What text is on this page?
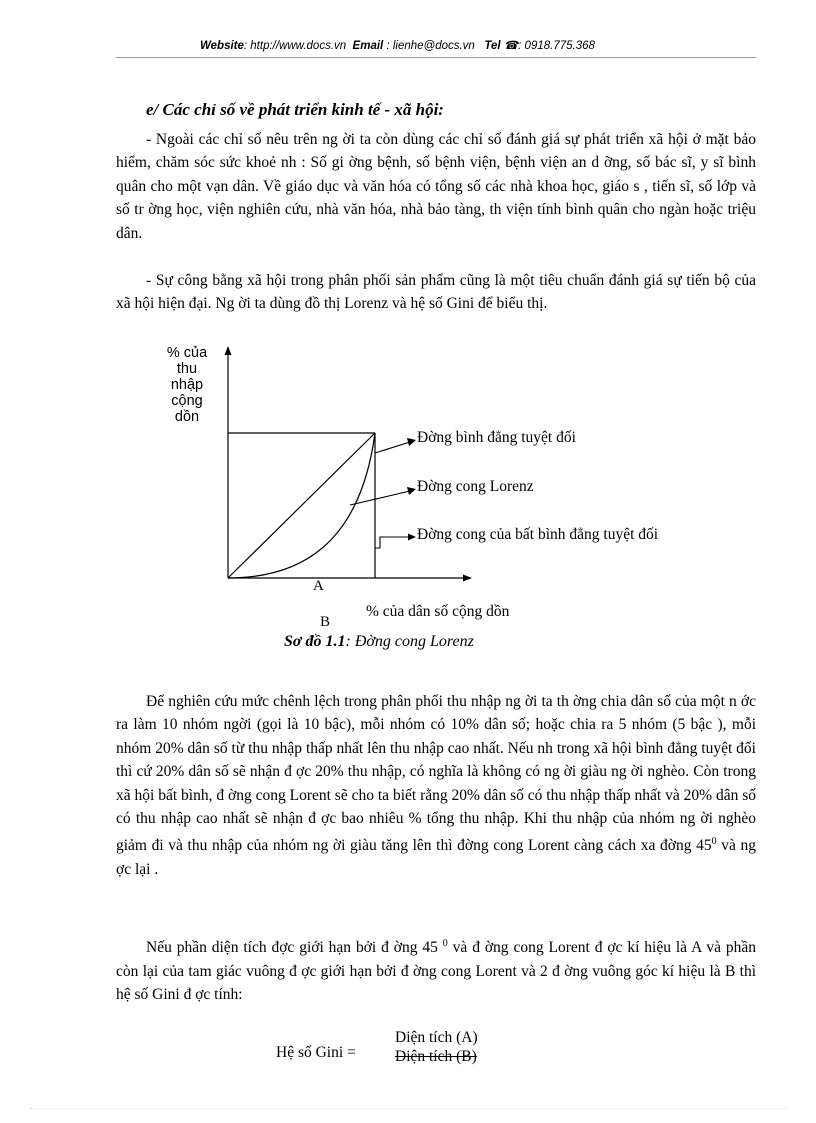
Website: http://www.docs.vn Email : lienhe@docs.vn Tel ☎: 0918.775.368
e/ Các chỉ số về phát triển kinh tế - xã hội:

- Ngoài các chỉ số nêu trên ng ời ta còn dùng các chỉ số đánh giá sự phát triển xã hội ở mặt bảo hiểm, chăm sóc sức khoẻ nh : Số gi ờng bệnh, số bệnh viện, bệnh viện an d ỡng, số bác sĩ, y sĩ bình quân cho một vạn dân. Về giáo dục và văn hóa có tổng số các nhà khoa học, giáo s , tiến sĩ, số lớp và số tr ờng học, viện nghiên cứu, nhà văn hóa, nhà bảo tàng, th viện tính bình quân cho ngàn hoặc triệu dân.

- Sự công bằng xã hội trong phân phối sản phẩm cũng là một tiêu chuẩn đánh giá sự tiến bộ của xã hội hiện đại. Ng ời ta dùng đồ thị Lorenz và hệ số Gini để biểu thị.

% của thu nhập cộng dồn
Đờng bình đẳng tuyệt đối
Đờng cong Lorenz
Đờng cong của bất bình đẳng tuyệt đối
A
B
% của dân số cộng dồn
Sơ đồ 1.1: Đờng cong Lorenz

Để nghiên cứu mức chênh lệch trong phân phối thu nhập ng ời ta th ờng chia dân số của một n ớc ra làm 10 nhóm ngời (gọi là 10 bậc), mỗi nhóm có 10% dân số; hoặc chia ra 5 nhóm (5 bậc ), mỗi nhóm 20% dân số từ thu nhập thấp nhất lên thu nhập cao nhất. Nếu nh trong xã hội bình đẳng tuyệt đối thì cứ 20% dân số sẽ nhận đ ợc 20% thu nhập, có nghĩa là không có ng ời giàu ng ời nghèo. Còn trong xã hội bất bình, đ ờng cong Lorent sẽ cho ta biết rằng 20% dân số có thu nhập thấp nhất và 20% dân số có thu nhập cao nhất sẽ nhận đ ợc bao nhiêu % tổng thu nhập. Khi thu nhập của nhóm ng ời nghèo giảm đi và thu nhập của nhóm ng ời giàu tăng lên thì đờng cong Lorent càng cách xa đờng $45^0$ và ng ợc lại .

Nếu phần diện tích đợc giới hạn bởi đ ờng 45 $^0$ và đ ờng cong Lorent đ ợc kí hiệu là A và phần còn lại của tam giác vuông đ ợc giới hạn bởi đ ờng cong Lorent và 2 đ ờng vuông góc kí hiệu là B thì hệ số Gini đ ợc tính:

Hệ số Gini =
Diện tích (A)
Diện tích (B)
